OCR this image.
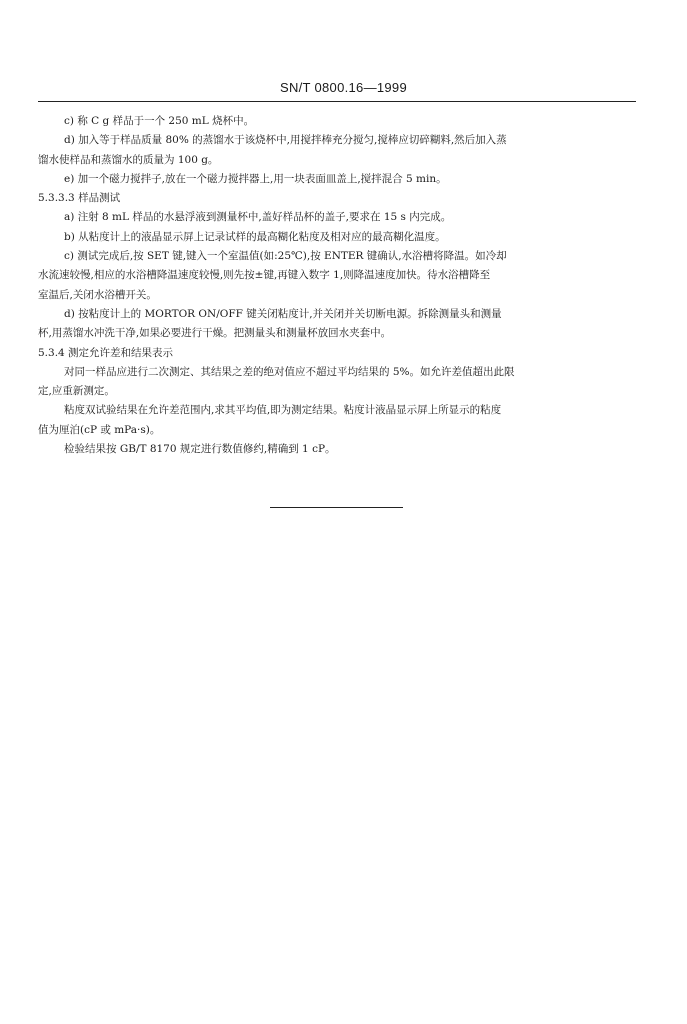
SN/T 0800.16—1999

c) 称 C g 样品于一个 250 mL 烧杯中。

d) 加入等于样品质量 80% 的蒸馏水于该烧杯中,用搅拌棒充分搅匀,搅棒应切碎糊料,然后加入蒸

馏水使样品和蒸馏水的质量为 100 g。

e) 加一个磁力搅拌子,放在一个磁力搅拌器上,用一块表面皿盖上,搅拌混合 5 min。

5.3.3.3 样品测试

a) 注射 8 mL 样品的水悬浮液到测量杯中,盖好样品杯的盖子,要求在 15 s 内完成。

b) 从粘度计上的液晶显示屏上记录试样的最高糊化粘度及相对应的最高糊化温度。

c) 测试完成后,按 SET 键,键入一个室温值(如:25℃),按 ENTER 键确认,水浴槽将降温。如冷却

水流速较慢,相应的水浴槽降温速度较慢,则先按±键,再键入数字 1,则降温速度加快。待水浴槽降至

室温后,关闭水浴槽开关。

d) 按粘度计上的 MORTOR ON/OFF 键关闭粘度计,并关闭并关切断电源。拆除测量头和测量

杯,用蒸馏水冲洗干净,如果必要进行干燥。把测量头和测量杯放回水夹套中。

5.3.4 测定允许差和结果表示

对同一样品应进行二次测定、其结果之差的绝对值应不超过平均结果的 5%。如允许差值超出此限

定,应重新测定。

粘度双试验结果在允许差范围内,求其平均值,即为测定结果。粘度计液晶显示屏上所显示的粘度

值为厘泊(cP 或 mPa·s)。

检验结果按 GB/T 8170 规定进行数值修约,精确到 1 cP。
